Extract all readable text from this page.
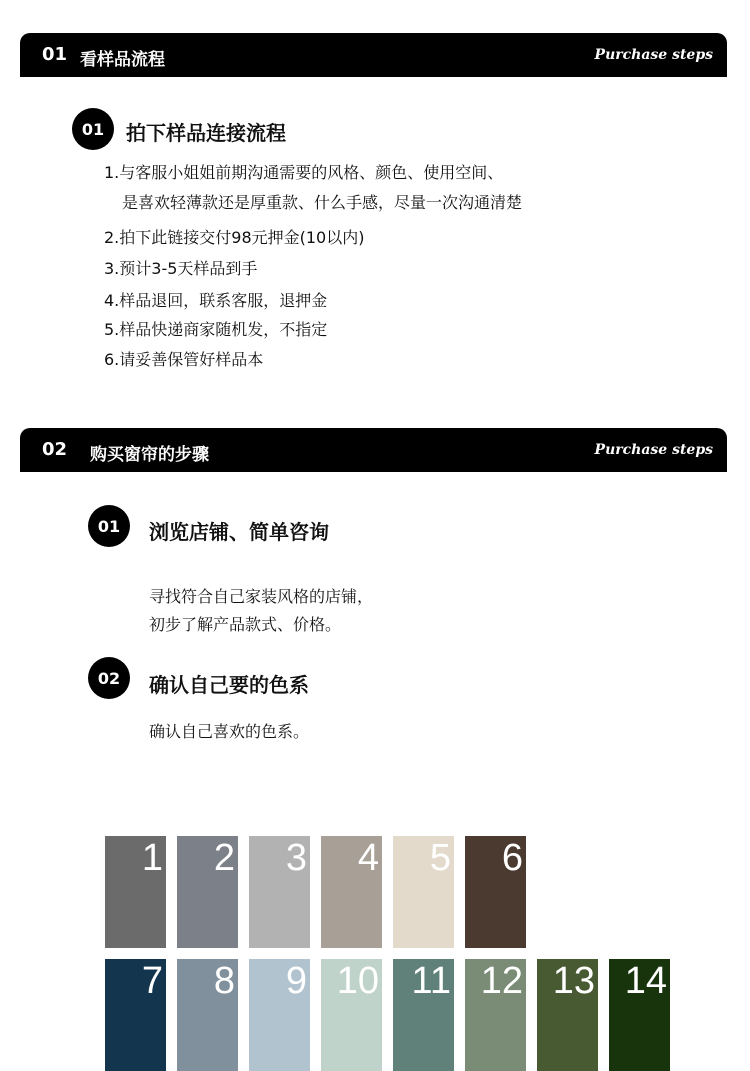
01 看样品流程	Purchase steps
01	拍下样品连接流程
1.与客服小姐姐前期沟通需要的风格、颜色、使用空间、
是喜欢轻薄款还是厚重款、什么手感，尽量一次沟通清楚
2.拍下此链接交付98元押金(10以内)
3.预计3-5天样品到手
4.样品退回，联系客服，退押金
5.样品快递商家随机发，不指定
6.请妥善保管好样品本
02 购买窗帘的步骤	Purchase steps
01	浏览店铺、简单咨询
寻找符合自己家装风格的店铺，
初步了解产品款式、价格。
02	确认自己要的色系
确认自己喜欢的色系。
1 2 3 4 5 6
7 8 9 10 11 12 13 14
